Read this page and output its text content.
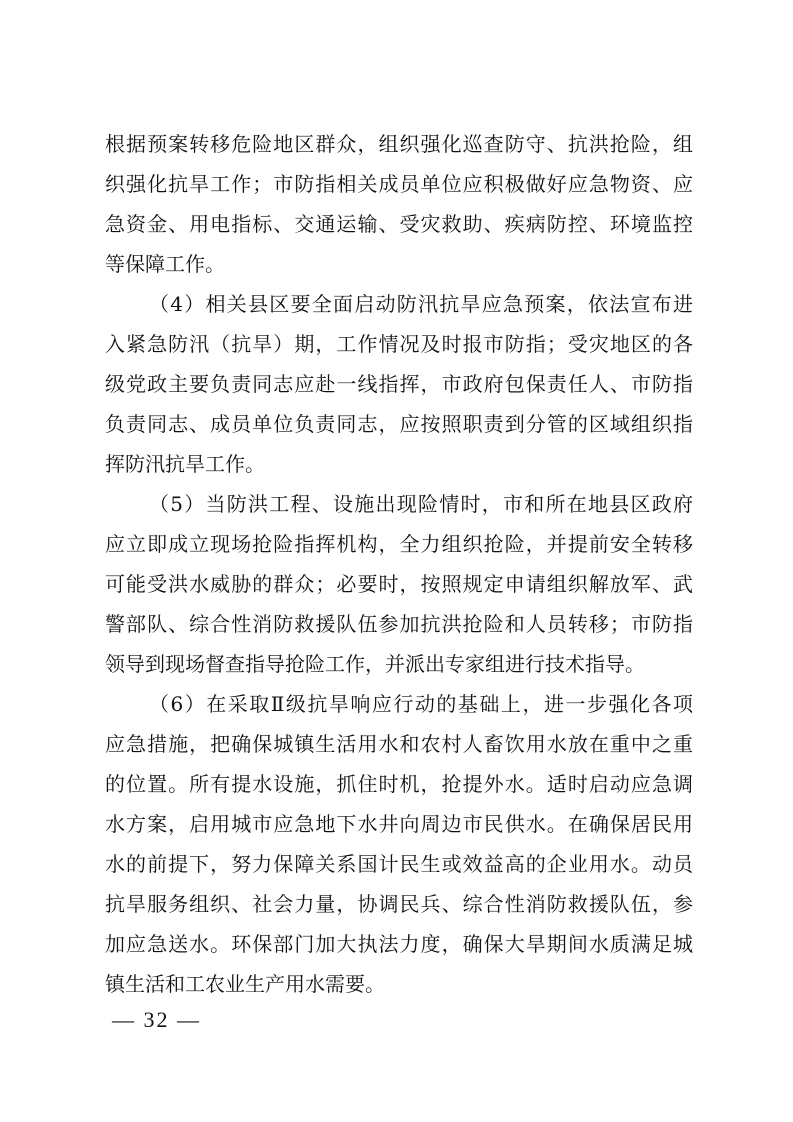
根据预案转移危险地区群众，组织强化巡查防守、抗洪抢险，组

织强化抗旱工作；市防指相关成员单位应积极做好应急物资、应

急资金、用电指标、交通运输、受灾救助、疾病防控、环境监控

等保障工作。

（4）相关县区要全面启动防汛抗旱应急预案，依法宣布进

入紧急防汛（抗旱）期，工作情况及时报市防指；受灾地区的各

级党政主要负责同志应赴一线指挥，市政府包保责任人、市防指

负责同志、成员单位负责同志，应按照职责到分管的区域组织指

挥防汛抗旱工作。

（5）当防洪工程、设施出现险情时，市和所在地县区政府

应立即成立现场抢险指挥机构，全力组织抢险，并提前安全转移

可能受洪水威胁的群众；必要时，按照规定申请组织解放军、武

警部队、综合性消防救援队伍参加抗洪抢险和人员转移；市防指

领导到现场督查指导抢险工作，并派出专家组进行技术指导。

（6）在采取Ⅱ级抗旱响应行动的基础上，进一步强化各项

应急措施，把确保城镇生活用水和农村人畜饮用水放在重中之重

的位置。所有提水设施，抓住时机，抢提外水。适时启动应急调

水方案，启用城市应急地下水井向周边市民供水。在确保居民用

水的前提下，努力保障关系国计民生或效益高的企业用水。动员

抗旱服务组织、社会力量，协调民兵、综合性消防救援队伍，参

加应急送水。环保部门加大执法力度，确保大旱期间水质满足城

镇生活和工农业生产用水需要。

— 32 —
